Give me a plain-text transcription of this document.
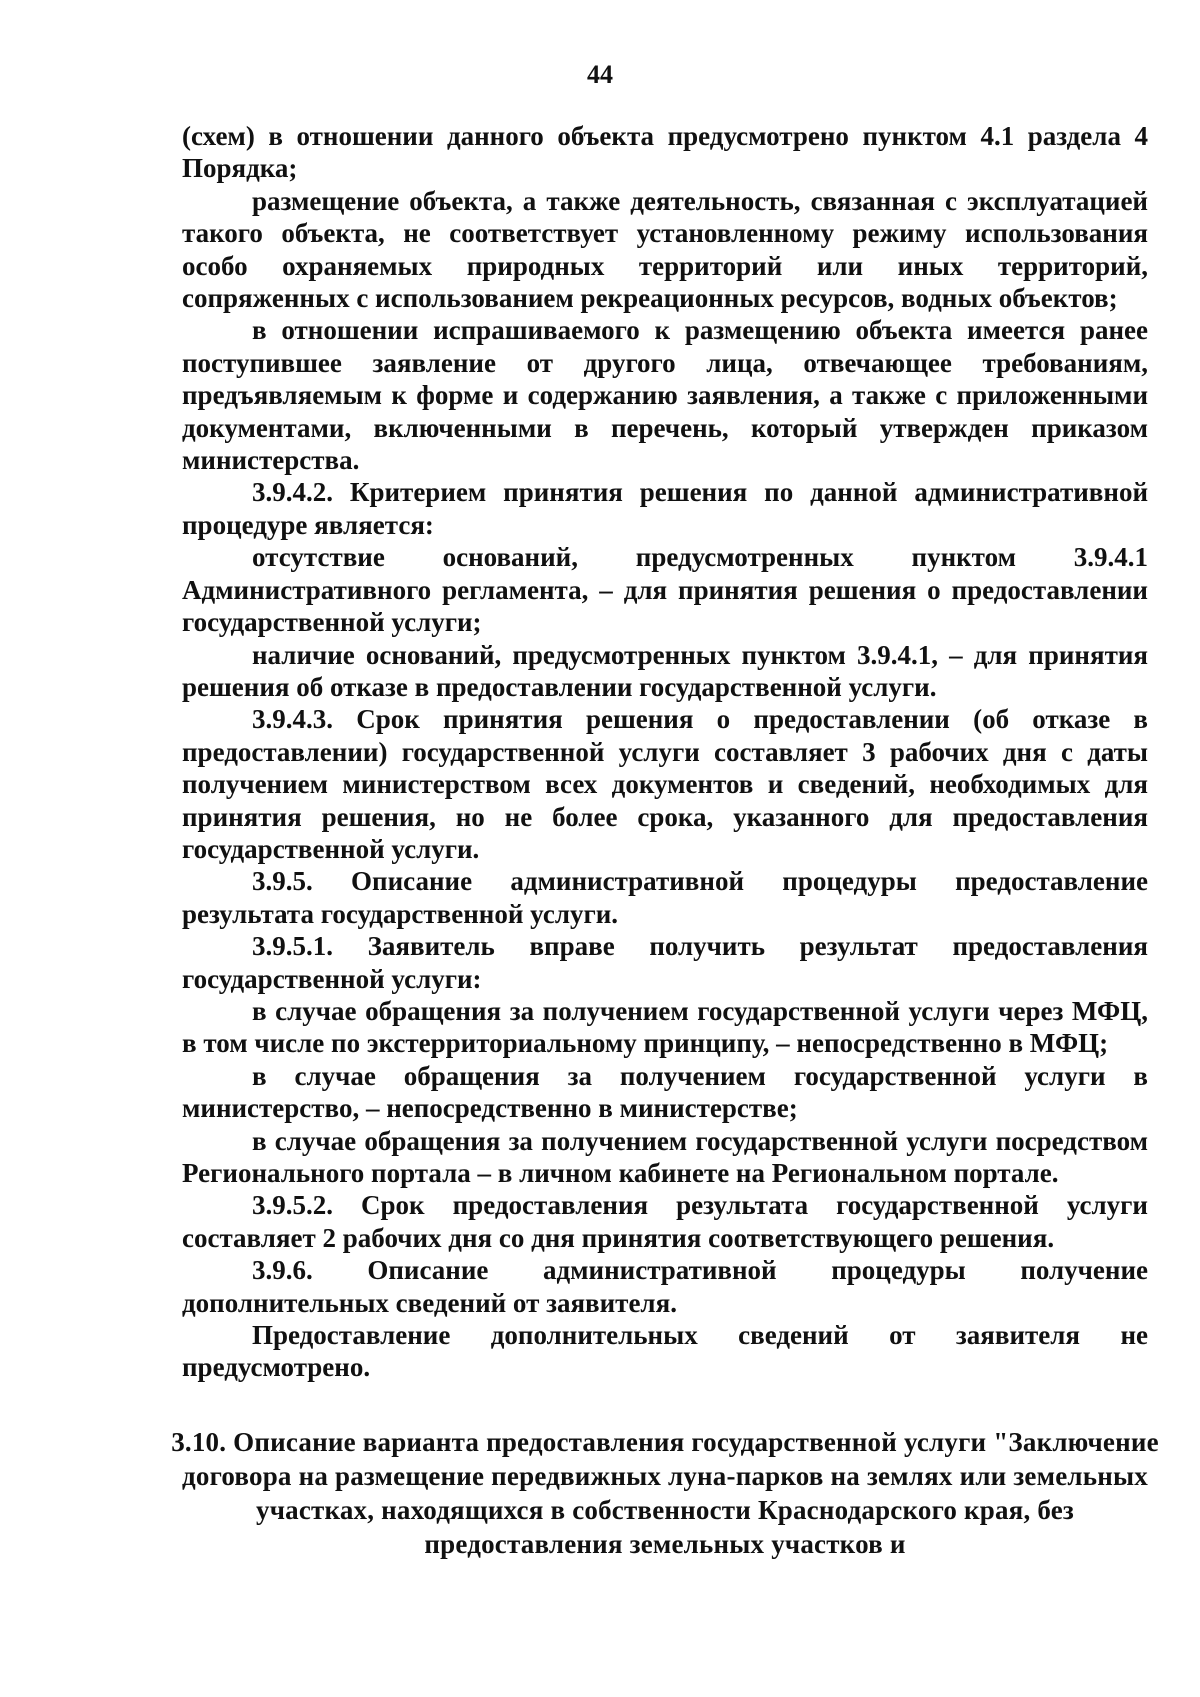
44

(схем) в отношении данного объекта предусмотрено пунктом 4.1 раздела 4 Порядка;

размещение объекта, а также деятельность, связанная с эксплуатацией такого объекта, не соответствует установленному режиму использования особо охраняемых природных территорий или иных территорий, сопряженных с использованием рекреационных ресурсов, водных объектов;

в отношении испрашиваемого к размещению объекта имеется ранее поступившее заявление от другого лица, отвечающее требованиям, предъявляемым к форме и содержанию заявления, а также с приложенными документами, включенными в перечень, который утвержден приказом министерства.

3.9.4.2. Критерием принятия решения по данной административной процедуре является:

отсутствие оснований, предусмотренных пунктом 3.9.4.1 Административного регламента, – для принятия решения о предоставлении государственной услуги;

наличие оснований, предусмотренных пунктом 3.9.4.1, – для принятия решения об отказе в предоставлении государственной услуги.

3.9.4.3. Срок принятия решения о предоставлении (об отказе в предоставлении) государственной услуги составляет 3 рабочих дня с даты получением министерством всех документов и сведений, необходимых для принятия решения, но не более срока, указанного для предоставления государственной услуги.

3.9.5. Описание административной процедуры предоставление результата государственной услуги.

3.9.5.1. Заявитель вправе получить результат предоставления государственной услуги:

в случае обращения за получением государственной услуги через МФЦ, в том числе по экстерриториальному принципу, – непосредственно в МФЦ;

в случае обращения за получением государственной услуги в министерство, – непосредственно в министерстве;

в случае обращения за получением государственной услуги посредством Регионального портала – в личном кабинете на Региональном портале.

3.9.5.2. Срок предоставления результата государственной услуги составляет 2 рабочих дня со дня принятия соответствующего решения.

3.9.6. Описание административной процедуры получение дополнительных сведений от заявителя.

Предоставление дополнительных сведений от заявителя не предусмотрено.

3.10. Описание варианта предоставления государственной услуги "Заключение договора на размещение передвижных луна-парков на землях или земельных участках, находящихся в собственности Краснодарского края, без предоставления земельных участков и
